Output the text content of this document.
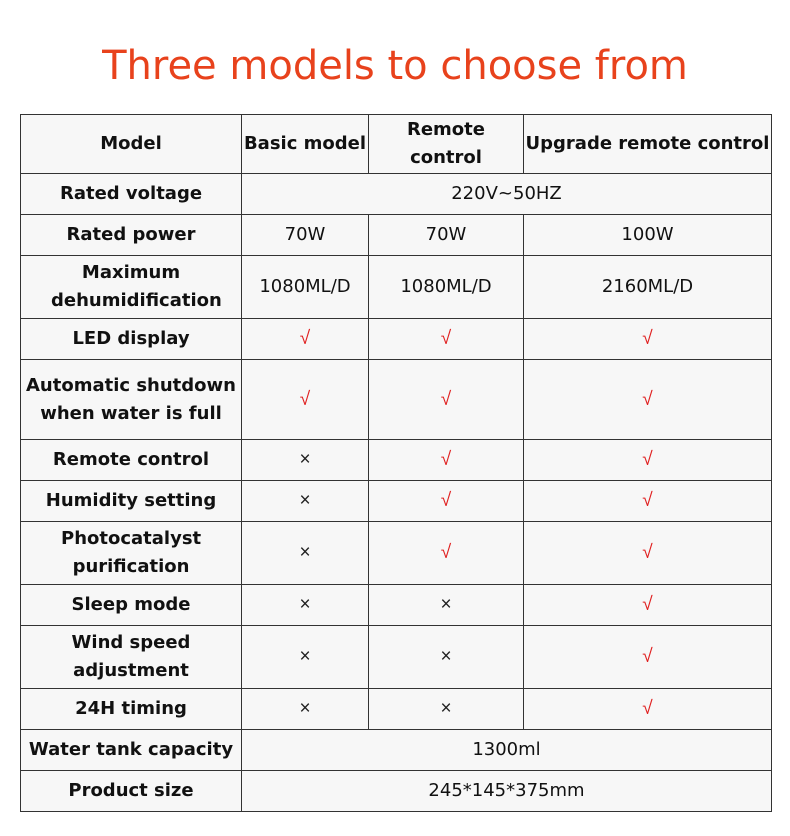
Three models to choose from
Model	Basic model	Remote control	Upgrade remote control
Rated voltage	220V~50HZ		
Rated power	70W	70W	100W
Maximum dehumidification	1080ML/D	1080ML/D	2160ML/D
LED display	√	√	√
Automatic shutdown when water is full	√	√	√
Remote control	×	√	√
Humidity setting	×	√	√
Photocatalyst purification	×	√	√
Sleep mode	×	×	√
Wind speed adjustment	×	×	√
24H timing	×	×	√
Water tank capacity	1300ml		
Product size	245*145*375mm		
